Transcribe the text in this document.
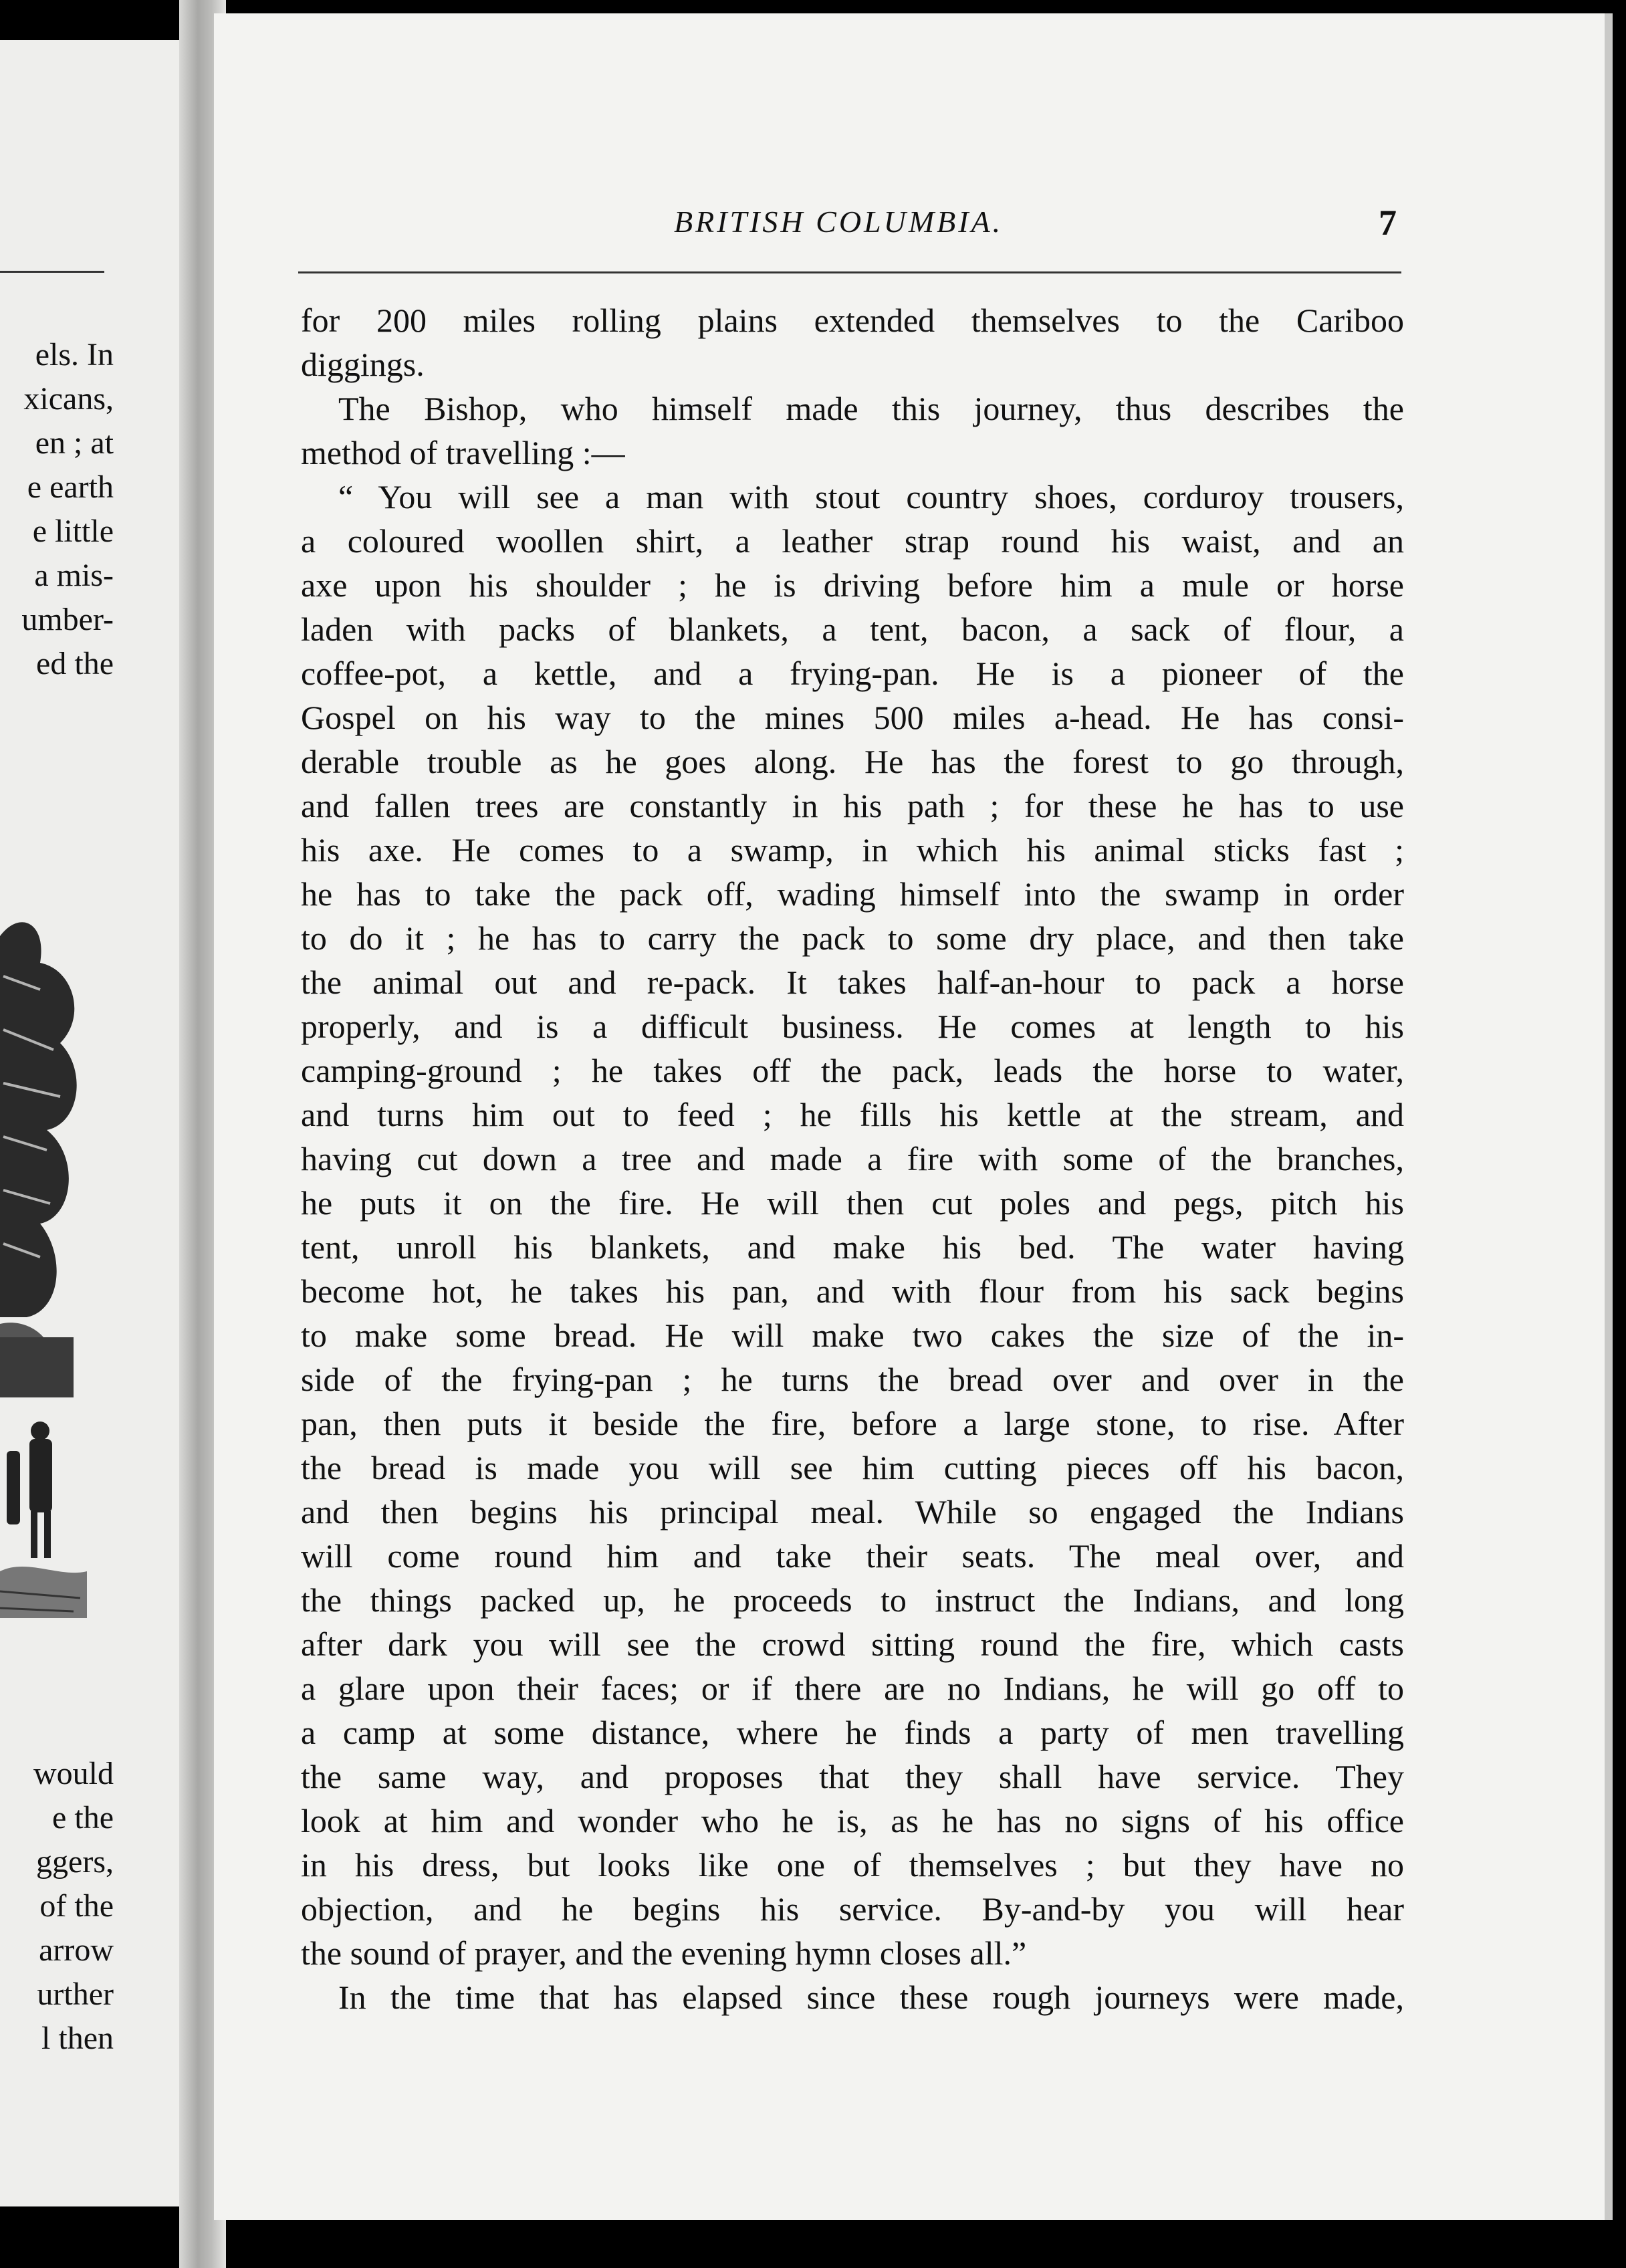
els. In
xicans,
en ; at
e earth
e little
a mis-
umber-
ed the
would
e the
ggers,
of the
arrow
urther
l then
BRITISH COLUMBIA.	7
for 200 miles rolling plains extended themselves to the Cariboo
diggings.
The Bishop, who himself made this journey, thus describes the
method of travelling :—
“ You will see a man with stout country shoes, corduroy trousers,
a coloured woollen shirt, a leather strap round his waist, and an
axe upon his shoulder ; he is driving before him a mule or horse
laden with packs of blankets, a tent, bacon, a sack of flour, a
coffee-pot, a kettle, and a frying-pan. He is a pioneer of the
Gospel on his way to the mines 500 miles a-head. He has consi-
derable trouble as he goes along. He has the forest to go through,
and fallen trees are constantly in his path ; for these he has to use
his axe. He comes to a swamp, in which his animal sticks fast ;
he has to take the pack off, wading himself into the swamp in order
to do it ; he has to carry the pack to some dry place, and then take
the animal out and re-pack. It takes half-an-hour to pack a horse
properly, and is a difficult business. He comes at length to his
camping-ground ; he takes off the pack, leads the horse to water,
and turns him out to feed ; he fills his kettle at the stream, and
having cut down a tree and made a fire with some of the branches,
he puts it on the fire. He will then cut poles and pegs, pitch his
tent, unroll his blankets, and make his bed. The water having
become hot, he takes his pan, and with flour from his sack begins
to make some bread. He will make two cakes the size of the in-
side of the frying-pan ; he turns the bread over and over in the
pan, then puts it beside the fire, before a large stone, to rise. After
the bread is made you will see him cutting pieces off his bacon,
and then begins his principal meal. While so engaged the Indians
will come round him and take their seats. The meal over, and
the things packed up, he proceeds to instruct the Indians, and long
after dark you will see the crowd sitting round the fire, which casts
a glare upon their faces; or if there are no Indians, he will go off to
a camp at some distance, where he finds a party of men travelling
the same way, and proposes that they shall have service. They
look at him and wonder who he is, as he has no signs of his office
in his dress, but looks like one of themselves ; but they have no
objection, and he begins his service. By-and-by you will hear
the sound of prayer, and the evening hymn closes all.”
In the time that has elapsed since these rough journeys were made,
